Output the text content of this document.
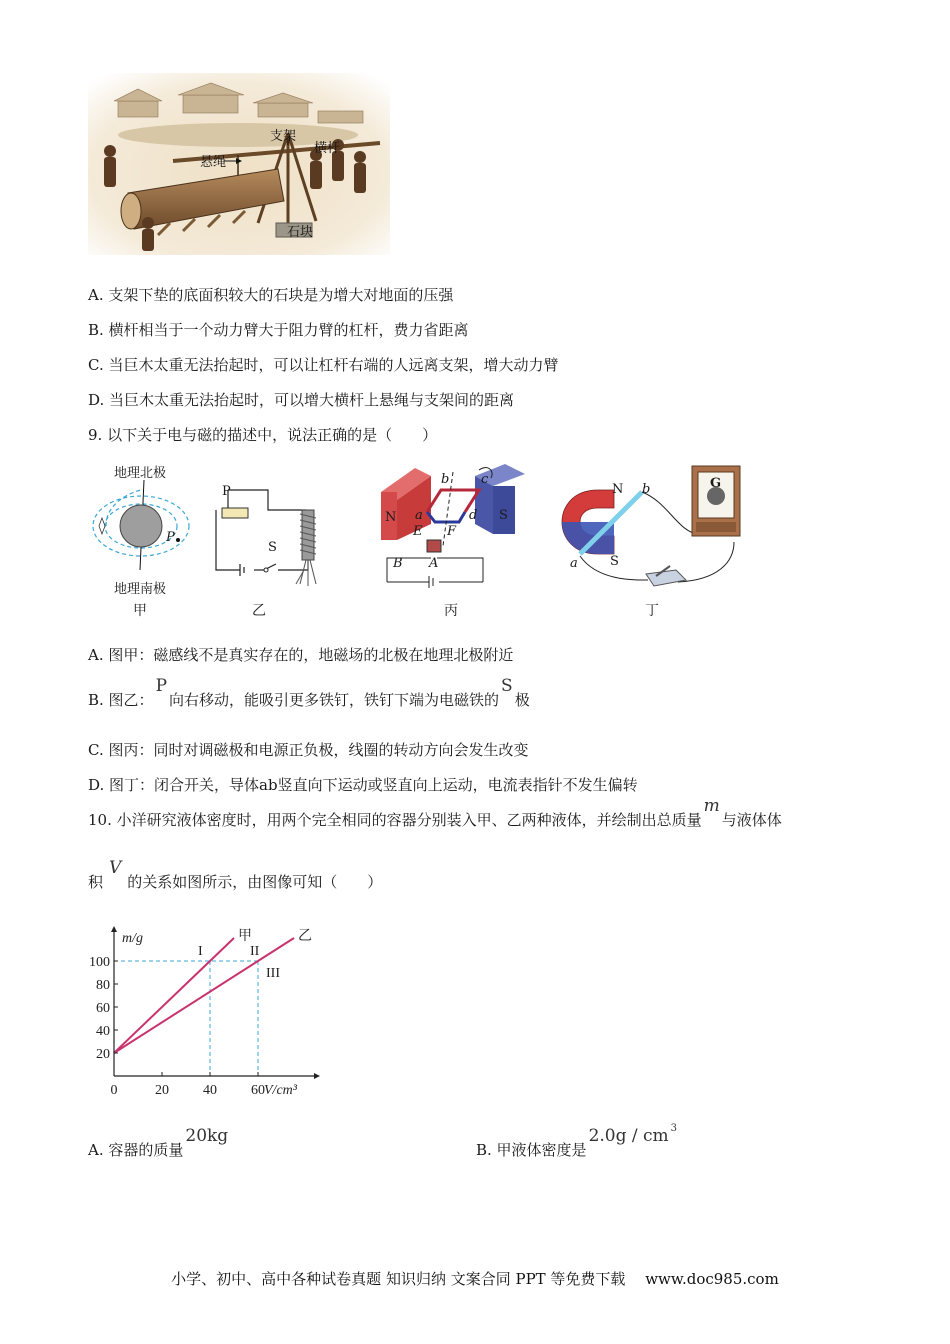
支架
横杆
悬绳
石块
A. 支架下垫的底面积较大的石块是为增大对地面的压强
B. 横杆相当于一个动力臂大于阻力臂的杠杆，费力省距离
C. 当巨木太重无法抬起时，可以让杠杆右端的人远离支架，增大动力臂
D. 当巨木太重无法抬起时，可以增大横杆上悬绳与支架间的距离
9. 以下关于电与磁的描述中，说法正确的是（　　）
地理北极
地理南极
P
甲
P
S
乙
N	S
b c
a	d
E F
B A
丙
N
S
a
b	G
丁
A. 图甲：磁感线不是真实存在的，地磁场的北极在地理北极附近
B. 图乙：P向右移动，能吸引更多铁钉，铁钉下端为电磁铁的S极
C. 图丙：同时对调磁极和电源正负极，线圈的转动方向会发生改变
D. 图丁：闭合开关，导体ab竖直向下运动或竖直向上运动，电流表指针不发生偏转
10. 小洋研究液体密度时，用两个完全相同的容器分别装入甲、乙两种液体，并绘制出总质量m与液体体
积V的关系如图所示，由图像可知（　　）
甲	乙
I	II
III
0	20 40 60
20
40
60
80
100
m/g
V/cm³
A. 容器的质量20kg
B. 甲液体密度是2.0g / cm $^3$
小学、初中、高中各种试卷真题 知识归纳 文案合同 PPT 等免费下载　 www.doc985.com
